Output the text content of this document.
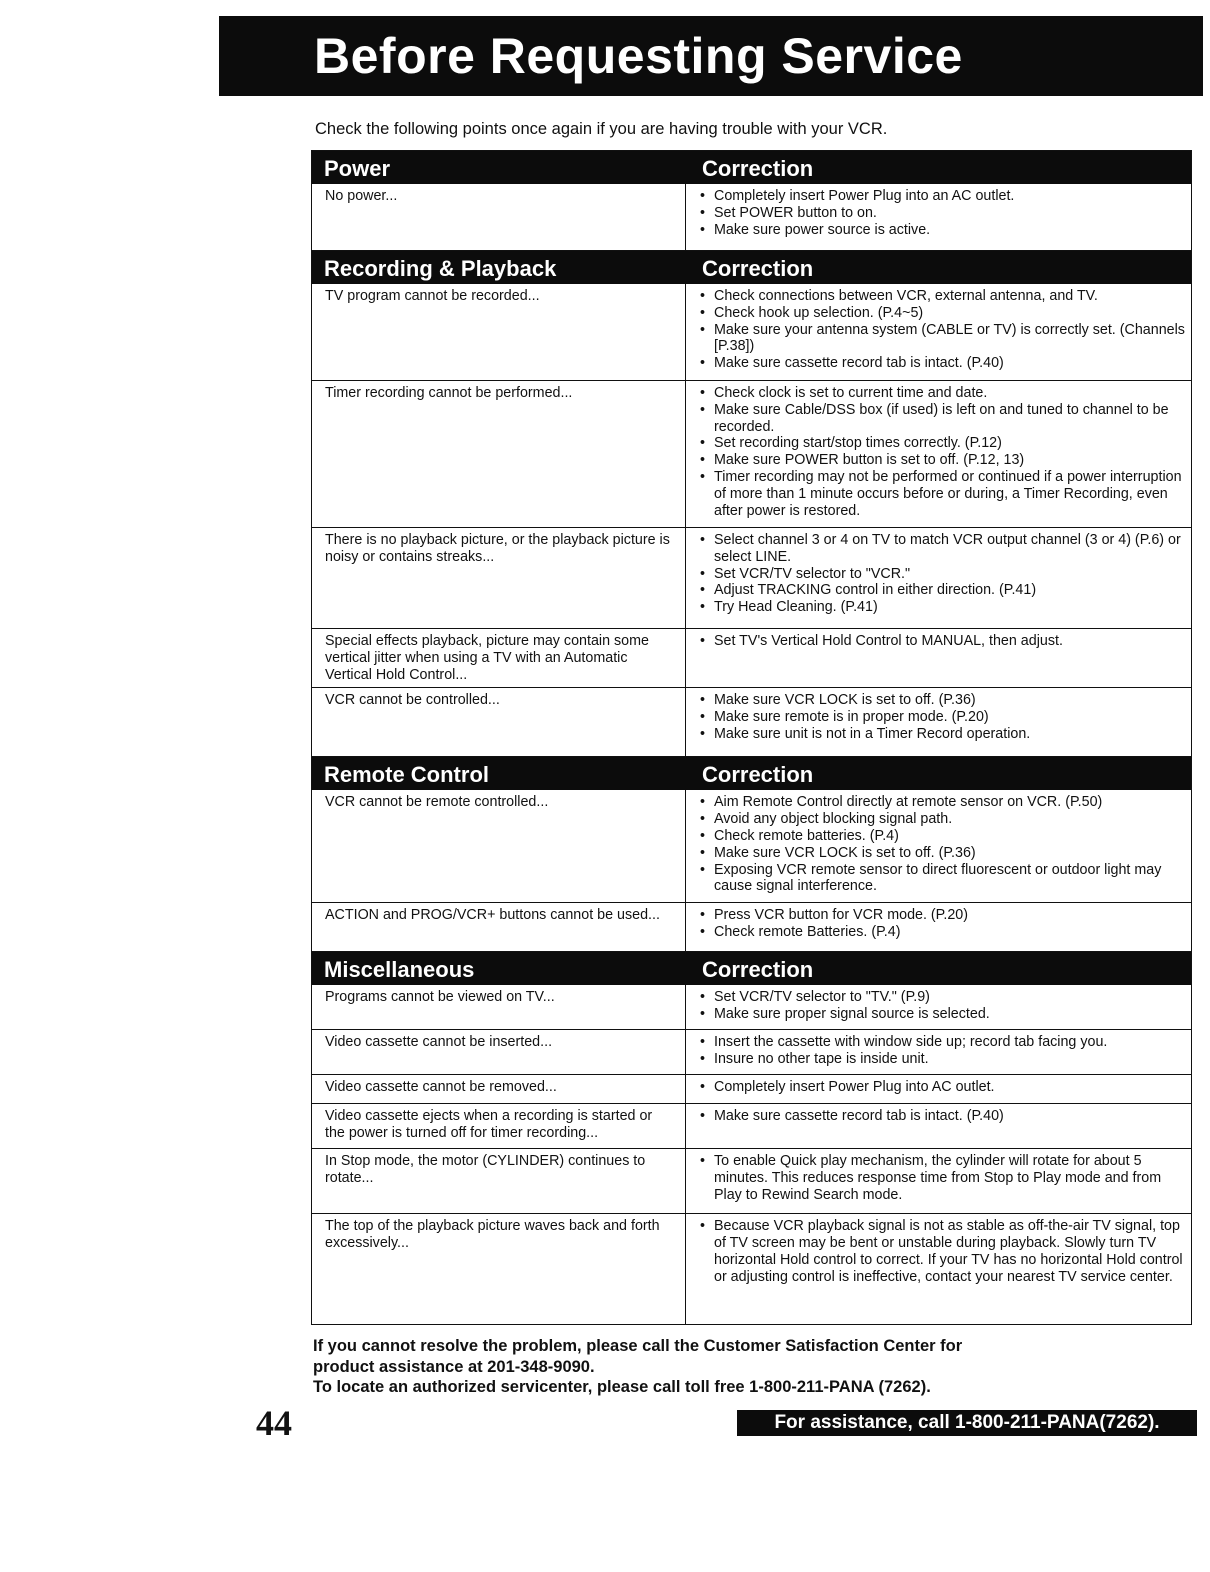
Before Requesting Service
Check the following points once again if you are having trouble with your VCR.
Power	Correction
No power...	• Completely insert Power Plug into an AC outlet.
• Set POWER button to on.
• Make sure power source is active.
Recording & Playback	Correction
TV program cannot be recorded...	• Check connections between VCR, external antenna, and TV.
• Check hook up selection. (P.4~5)
• Make sure your antenna system (CABLE or TV) is correctly set. (Channels [P.38])
• Make sure cassette record tab is intact. (P.40)
Timer recording cannot be performed...	• Check clock is set to current time and date.
• Make sure Cable/DSS box (if used) is left on and tuned to channel to be recorded.
• Set recording start/stop times correctly. (P.12)
• Make sure POWER button is set to off. (P.12, 13)
• Timer recording may not be performed or continued if a power interruption of more than 1 minute occurs before or during, a Timer Recording, even after power is restored.
There is no playback picture, or the playback picture is noisy or contains streaks...
• Select channel 3 or 4 on TV to match VCR output channel (3 or 4) (P.6) or select LINE.
• Set VCR/TV selector to "VCR."
• Adjust TRACKING control in either direction. (P.41)
• Try Head Cleaning. (P.41)
Special effects playback, picture may contain some vertical jitter when using a TV with an Automatic Vertical Hold Control...
• Set TV's Vertical Hold Control to MANUAL, then adjust.
VCR cannot be controlled...	• Make sure VCR LOCK is set to off. (P.36)
• Make sure remote is in proper mode. (P.20)
• Make sure unit is not in a Timer Record operation.
Remote Control	Correction
VCR cannot be remote controlled...	• Aim Remote Control directly at remote sensor on VCR. (P.50)
• Avoid any object blocking signal path.
• Check remote batteries. (P.4)
• Make sure VCR LOCK is set to off. (P.36)
• Exposing VCR remote sensor to direct fluorescent or outdoor light may cause signal interference.
ACTION and PROG/VCR+ buttons cannot be used...	• Press VCR button for VCR mode. (P.20)
• Check remote Batteries. (P.4)
Miscellaneous	Correction
Programs cannot be viewed on TV...	• Set VCR/TV selector to "TV." (P.9)
• Make sure proper signal source is selected.
Video cassette cannot be inserted...	• Insert the cassette with window side up; record tab facing you.
• Insure no other tape is inside unit.
Video cassette cannot be removed...	• Completely insert Power Plug into AC outlet.
Video cassette ejects when a recording is started or the power is turned off for timer recording...
• Make sure cassette record tab is intact. (P.40)
In Stop mode, the motor (CYLINDER) continues to rotate...
• To enable Quick play mechanism, the cylinder will rotate for about 5 minutes. This reduces response time from Stop to Play mode and from Play to Rewind Search mode.
The top of the playback picture waves back and forth excessively...
• Because VCR playback signal is not as stable as off-the-air TV signal, top of TV screen may be bent or unstable during playback. Slowly turn TV horizontal Hold control to correct. If your TV has no horizontal Hold control or adjusting control is ineffective, contact your nearest TV service center.
If you cannot resolve the problem, please call the Customer Satisfaction Center for
product assistance at 201-348-9090.
To locate an authorized servicenter, please call toll free 1-800-211-PANA (7262).
44	For assistance, call 1-800-211-PANA(7262).
